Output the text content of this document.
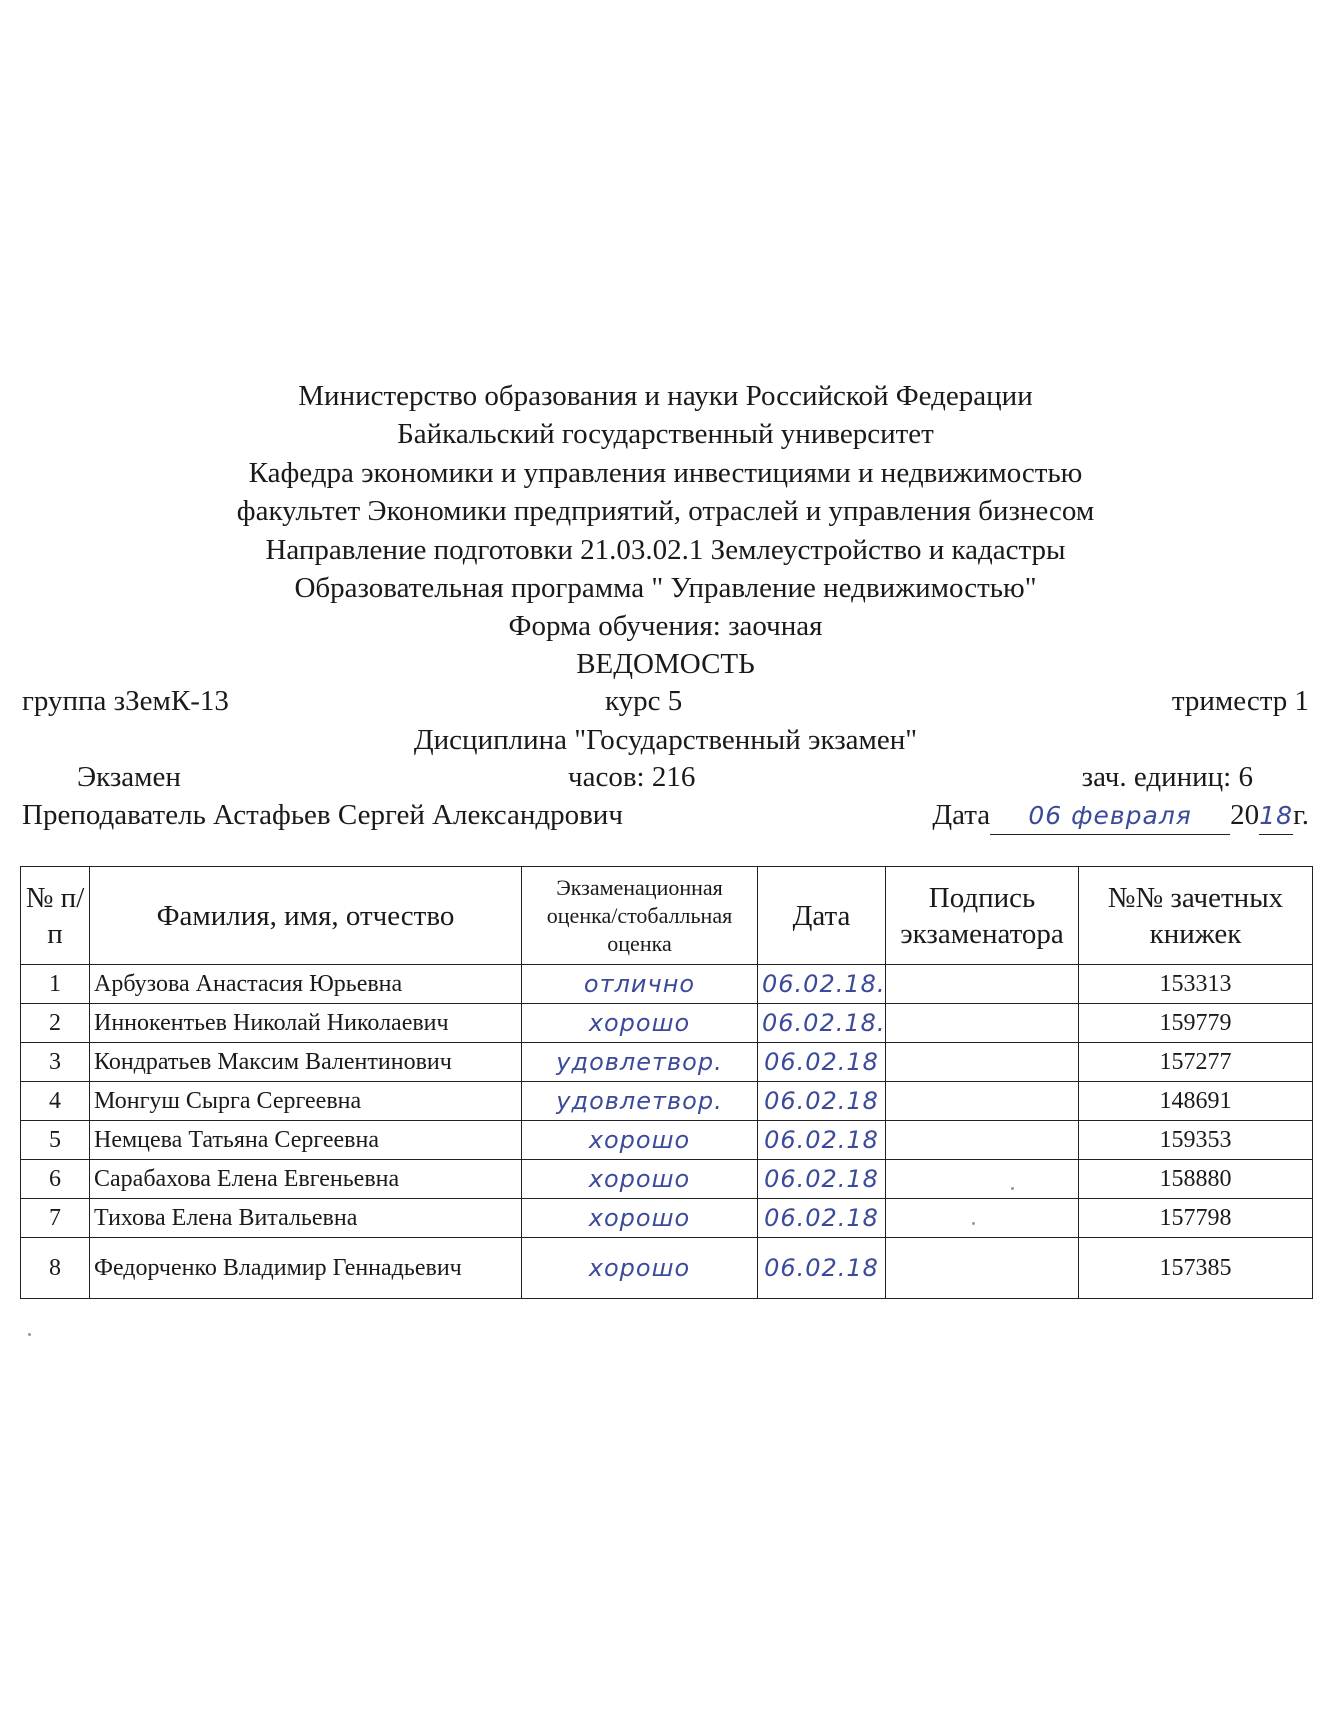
Министерство образования и науки Российской Федерации
Байкальский государственный университет
Кафедра экономики и управления инвестициями и недвижимостью
факультет Экономики предприятий, отраслей и управления бизнесом
Направление подготовки 21.03.02.1 Землеустройство и кадастры
Образовательная программа " Управление недвижимостью"
Форма обучения: заочная
ВЕДОМОСТЬ
группа зЗемК-13	курс 5	триместр 1
Дисциплина "Государственный экзамен"
Экзамен	часов: 216	зач. единиц: 6
Преподаватель Астафьев Сергей Александрович	Дата 06 февраля 2018г.
№ п/п	Фамилия, имя, отчество	Экзаменационная оценка/стобалльная оценка	Дата	Подпись экзаменатора	№№ зачетных книжек
1	Арбузова Анастасия Юрьевна	отлично	06.02.18.		153313
2	Иннокентьев Николай Николаевич	хорошо	06.02.18.		159779
3	Кондратьев Максим Валентинович	удовлетвор.	06.02.18		157277
4	Монгуш Сырга Сергеевна	удовлетвор.	06.02.18		148691
5	Немцева Татьяна Сергеевна	хорошо	06.02.18		159353
6	Сарабахова Елена Евгеньевна	хорошо	06.02.18		158880
7	Тихова Елена Витальевна	хорошо	06.02.18		157798
8	Федорченко Владимир Геннадьевич	хорошо	06.02.18		157385
